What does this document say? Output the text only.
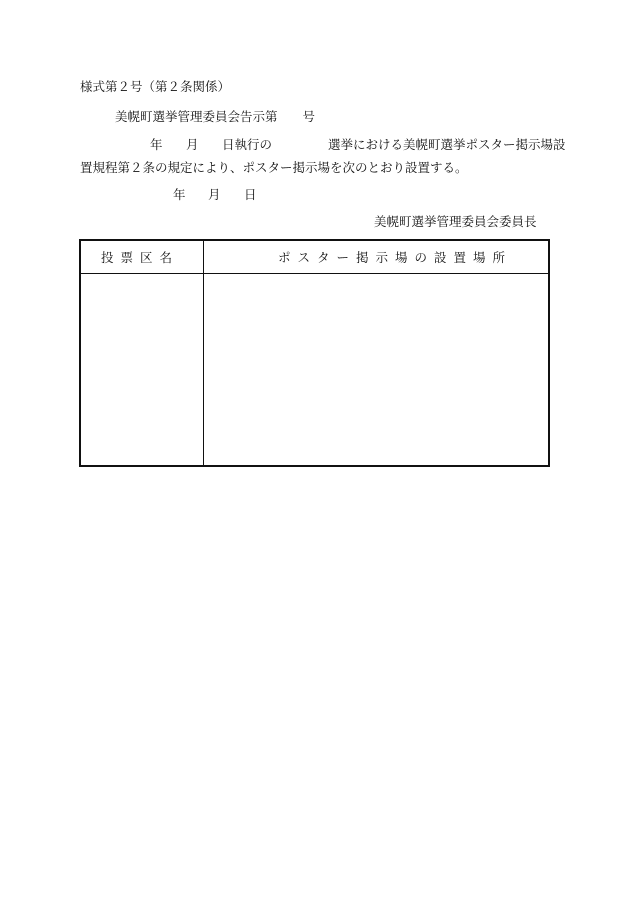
様式第２号（第２条関係）
美幌町選挙管理委員会告示第　　号
年 月 日執行の	選挙における美幌町選挙ポスター掲示場設
置規程第２条の規定により、ポスター掲示場を次のとおり設置する。
年 月 日
美幌町選挙管理委員会委員長
投票区名	ポスター掲示場の設置場所
